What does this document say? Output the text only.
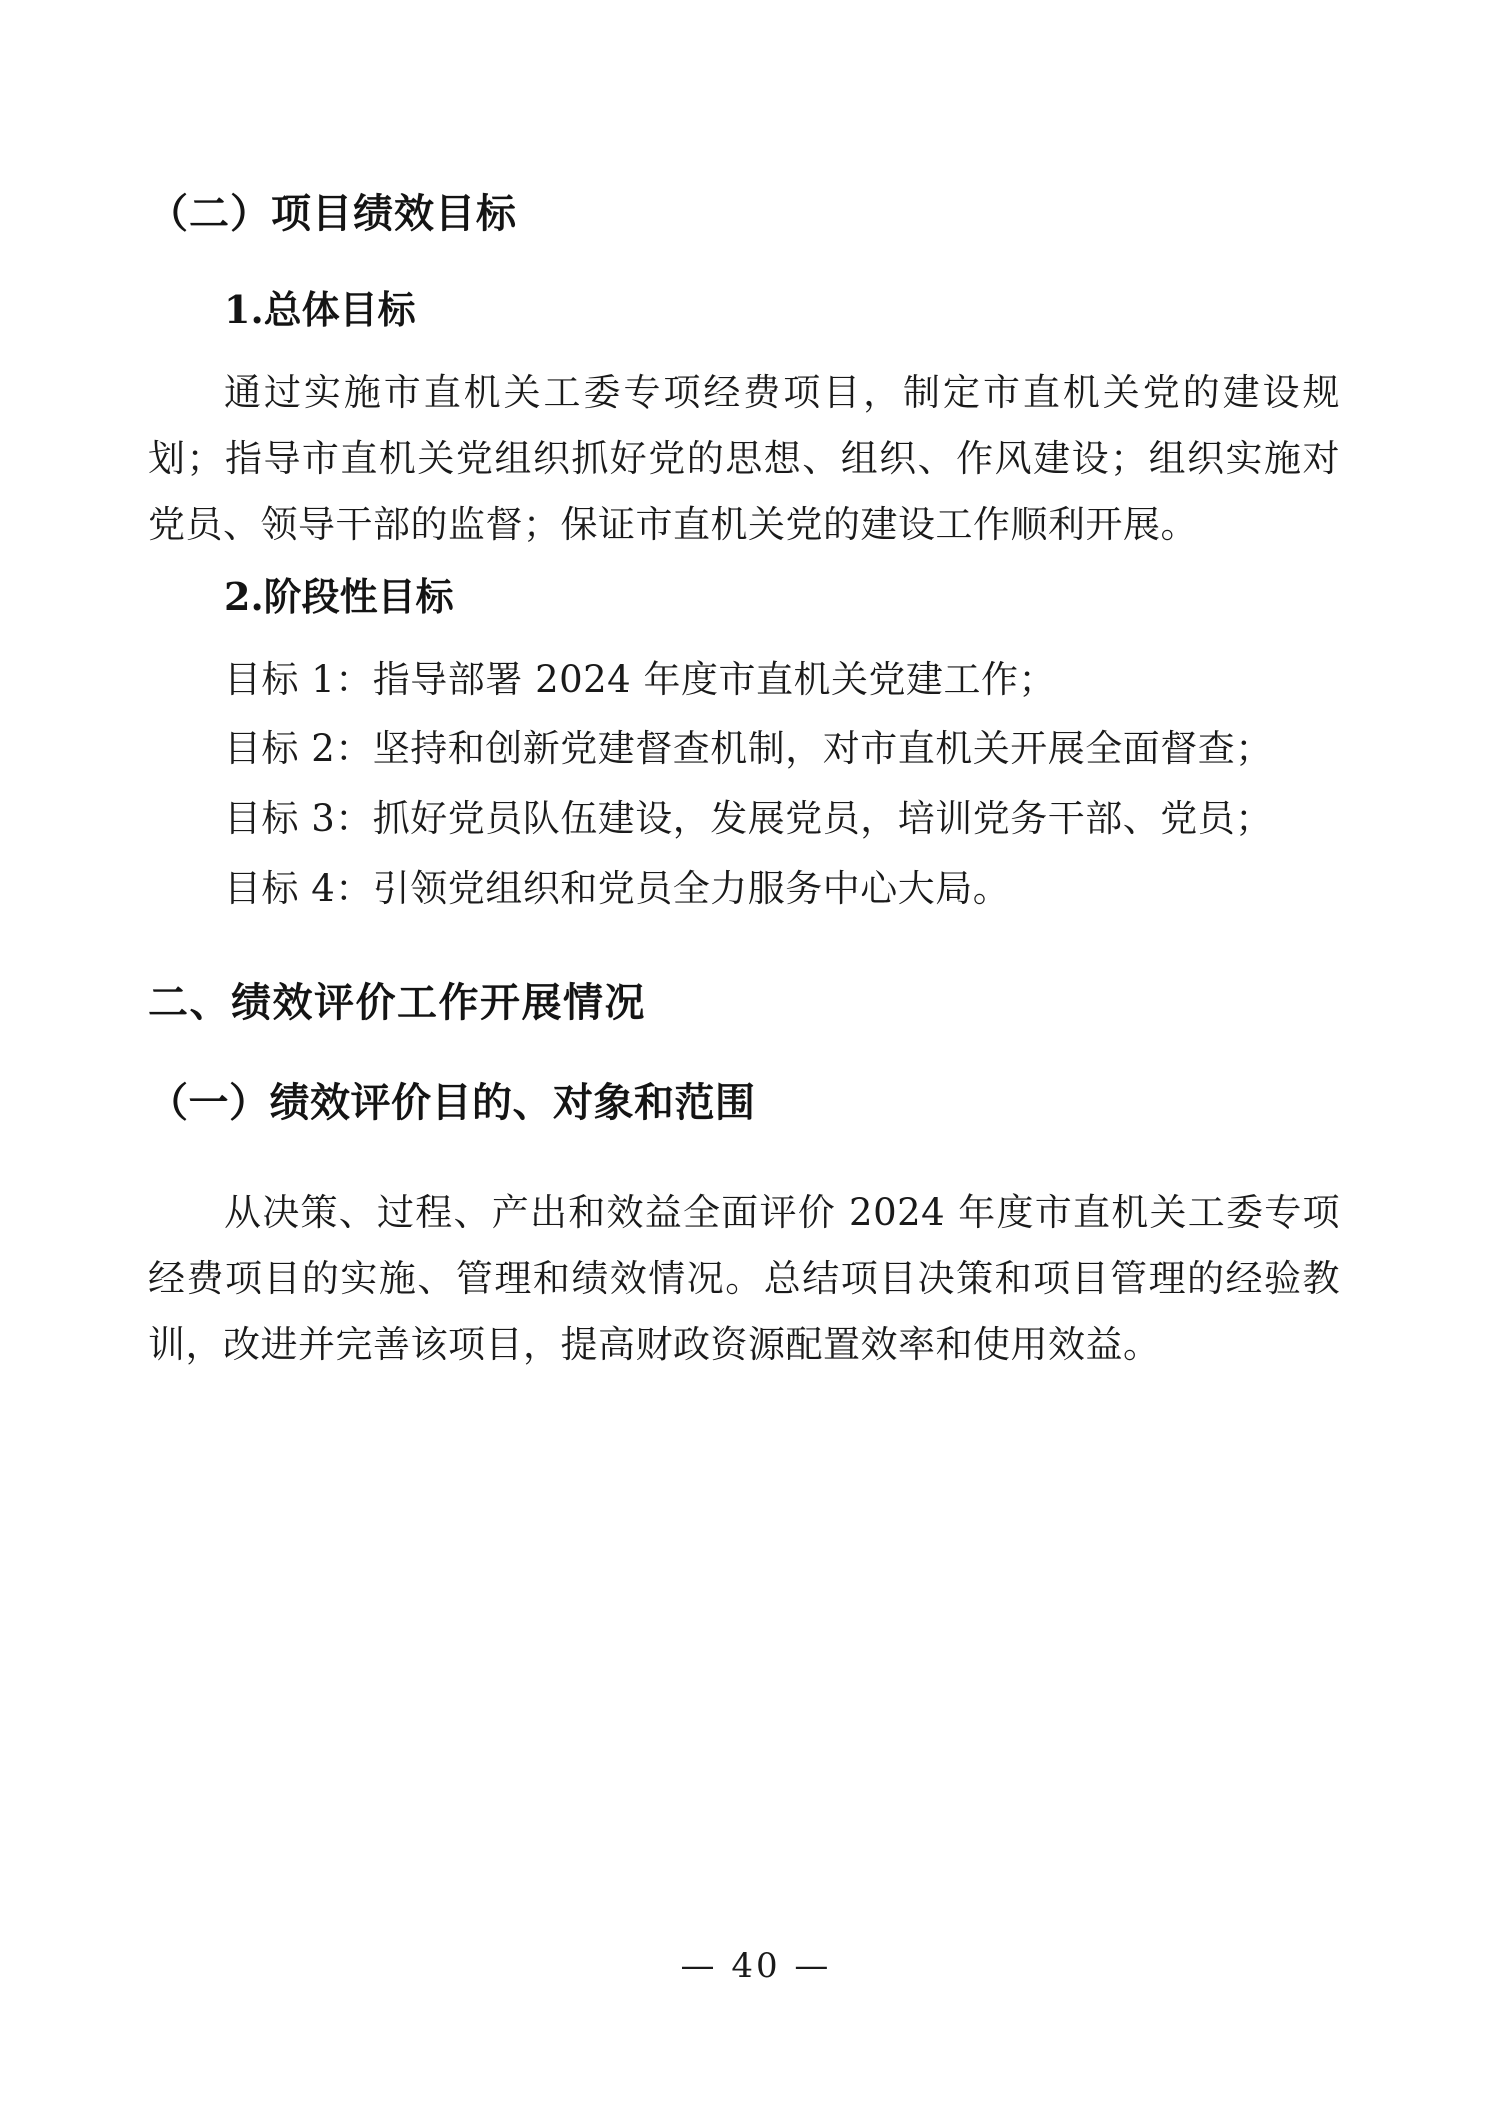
（二）项目绩效目标
1.总体目标

通过实施市直机关工委专项经费项目，制定市直机关党的建设规划；指导市直机关党组织抓好党的思想、组织、作风建设；组织实施对党员、领导干部的监督；保证市直机关党的建设工作顺利开展。

2.阶段性目标

目标 1：指导部署 2024 年度市直机关党建工作；

目标 2：坚持和创新党建督查机制，对市直机关开展全面督查；

目标 3：抓好党员队伍建设，发展党员，培训党务干部、党员；

目标 4：引领党组织和党员全力服务中心大局。

二、绩效评价工作开展情况
（一）绩效评价目的、对象和范围

从决策、过程、产出和效益全面评价 2024 年度市直机关工委专项经费项目的实施、管理和绩效情况。总结项目决策和项目管理的经验教训，改进并完善该项目，提高财政资源配置效率和使用效益。

— 40 —
